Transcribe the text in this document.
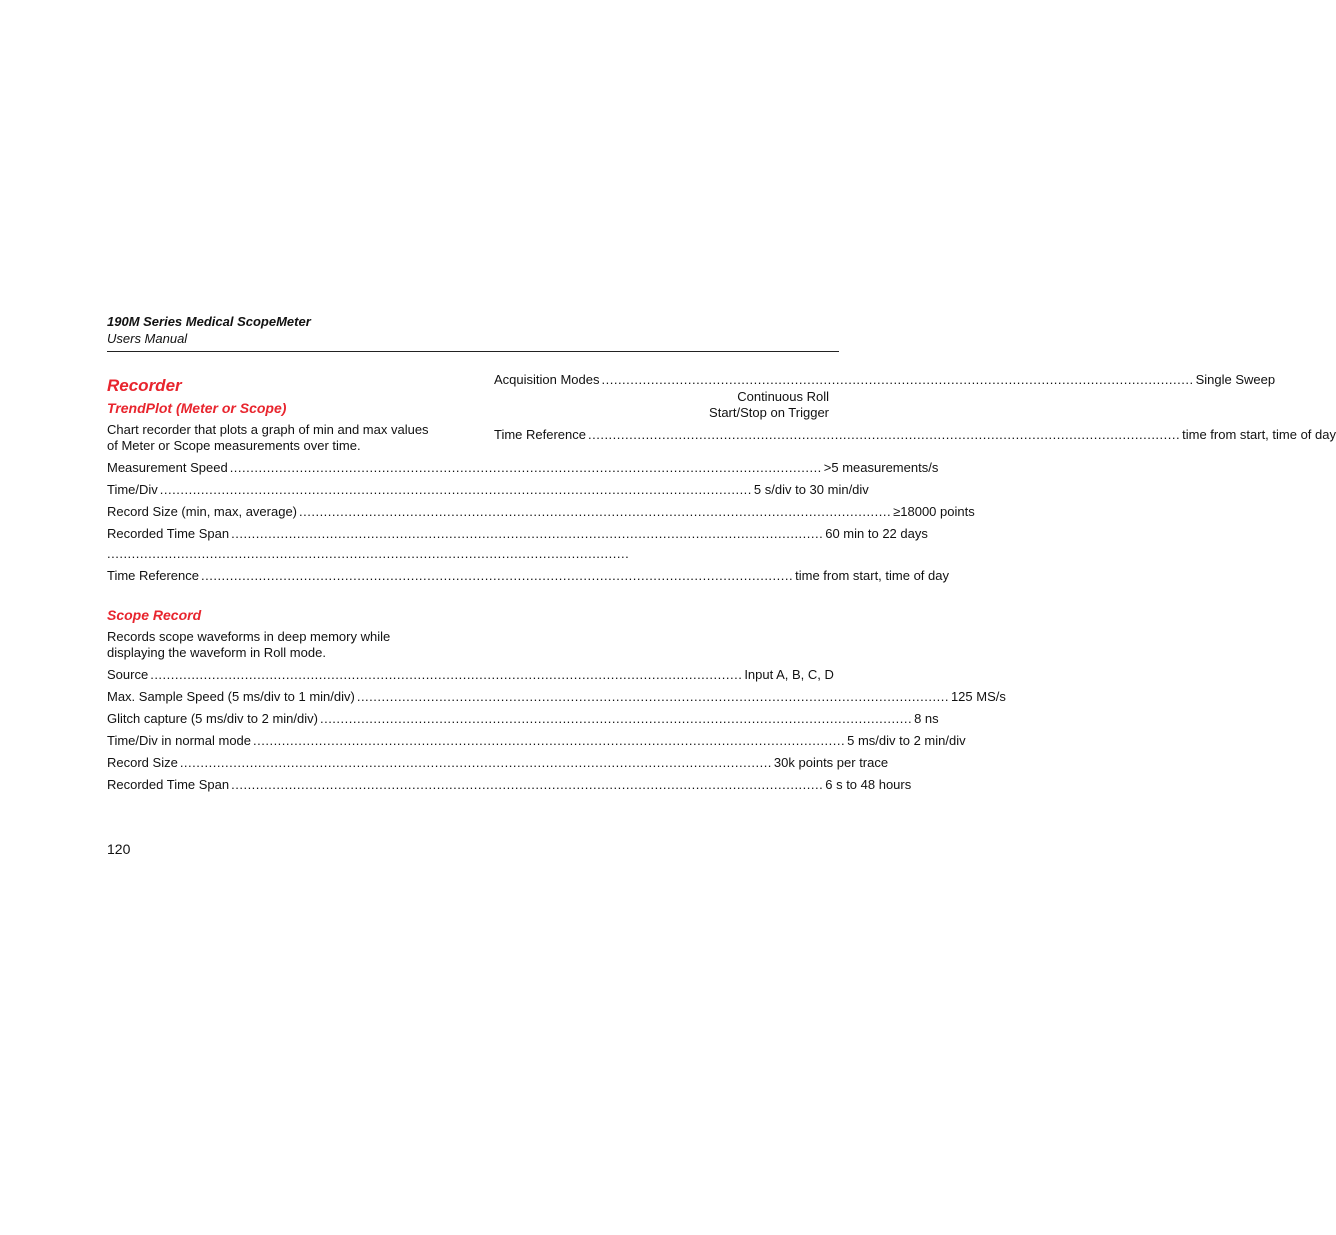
190M Series Medical ScopeMeter
Users Manual
Recorder
TrendPlot (Meter or Scope)
Chart recorder that plots a graph of min and max values of Meter or Scope measurements over time.
Measurement Speed .....	>5 measurements/s
Time/Div .....	5 s/div to 30 min/div
Record Size (min, max, average) .....	≥18000 points
Recorded Time Span .....	60 min to 22 days
...............................................................................................................................
Time Reference .....	time from start, time of day
Scope Record
Records scope waveforms in deep memory while displaying the waveform in Roll mode.
Source .....	Input A, B, C, D
Max. Sample Speed (5 ms/div to 1 min/div) .....	125 MS/s
Glitch capture (5 ms/div to 2 min/div) .....	8 ns
Time/Div in normal mode .....	5 ms/div to 2 min/div
Record Size .....	30k points per trace
Recorded Time Span .....	6 s to 48 hours
Acquisition Modes .....	Single Sweep
Continuous Roll
Start/Stop on Trigger
Time Reference .....	time from start, time of day
120
